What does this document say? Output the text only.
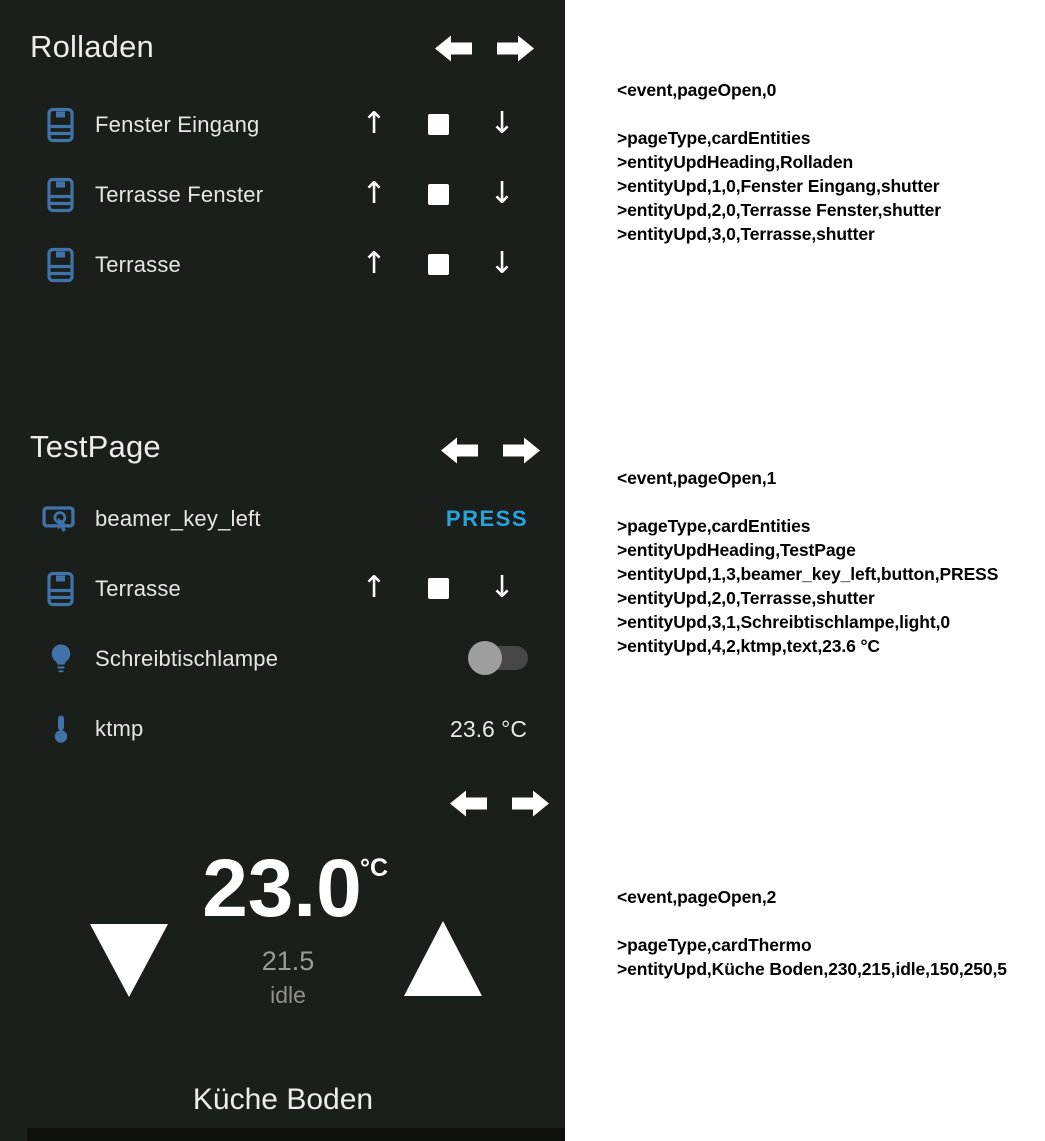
Rolladen
Fenster Eingang	↑	↓
Terrasse Fenster	↑	↓
Terrasse	↑	↓
TestPage
beamer_key_left	PRESS
Terrasse	↑	↓
Schreibtischlampe
ktmp	23.6 °C
23.0
°C
21.5
idle
Küche Boden
<event,pageOpen,0
>pageType,cardEntities
>entityUpdHeading,Rolladen
>entityUpd,1,0,Fenster Eingang,shutter
>entityUpd,2,0,Terrasse Fenster,shutter
>entityUpd,3,0,Terrasse,shutter
<event,pageOpen,1
>pageType,cardEntities
>entityUpdHeading,TestPage
>entityUpd,1,3,beamer_key_left,button,PRESS
>entityUpd,2,0,Terrasse,shutter
>entityUpd,3,1,Schreibtischlampe,light,0
>entityUpd,4,2,ktmp,text,23.6 °C
<event,pageOpen,2
>pageType,cardThermo
>entityUpd,Küche Boden,230,215,idle,150,250,5
